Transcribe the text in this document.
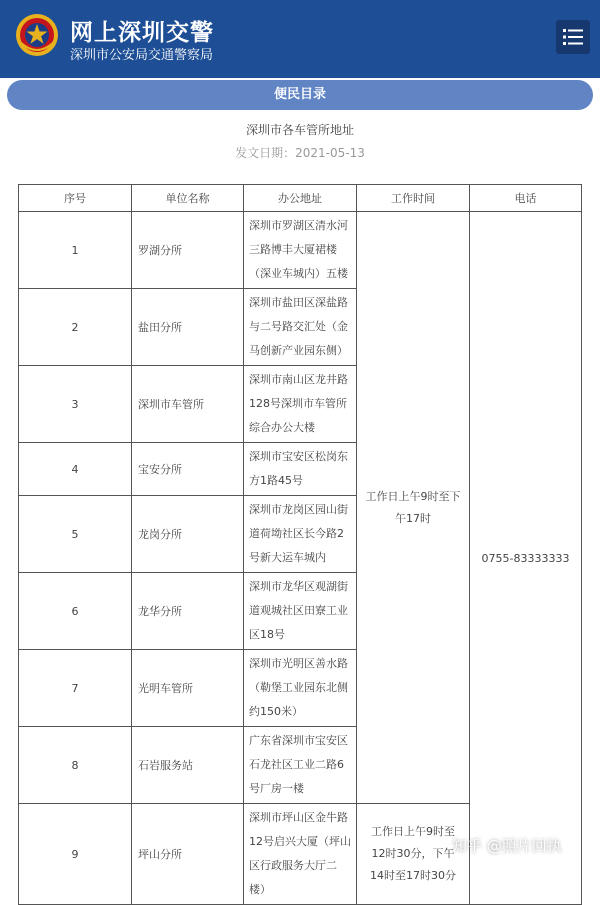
网上深圳交警
深圳市公安局交通警察局
便民目录
深圳市各车管所地址
发文日期：2021-05-13
序号	单位名称	办公地址	工作时间	电话
1	罗湖分所	深圳市罗湖区清水河三路博丰大厦裙楼（深业车城内）五楼	工作日上午9时至下午17时	0755-83333333
2	盐田分所	深圳市盐田区深盐路与二号路交汇处（金马创新产业园东侧）		
3	深圳市车管所	深圳市南山区龙井路128号深圳市车管所综合办公大楼		
4	宝安分所	深圳市宝安区松岗东方1路45号		
5	龙岗分所	深圳市龙岗区园山街道荷坳社区长今路2号新大运车城内		
6	龙华分所	深圳市龙华区观湖街道观城社区田寮工业区18号		
7	光明车管所	深圳市光明区善水路（勒堡工业园东北侧约150米）		
8	石岩服务站	广东省深圳市宝安区石龙社区工业二路6号厂房一楼		
9	坪山分所	深圳市坪山区金牛路12号启兴大厦（坪山区行政服务大厅二楼）	工作日上午9时至12时30分，下午14时至17时30分	
知乎 @照片回执
